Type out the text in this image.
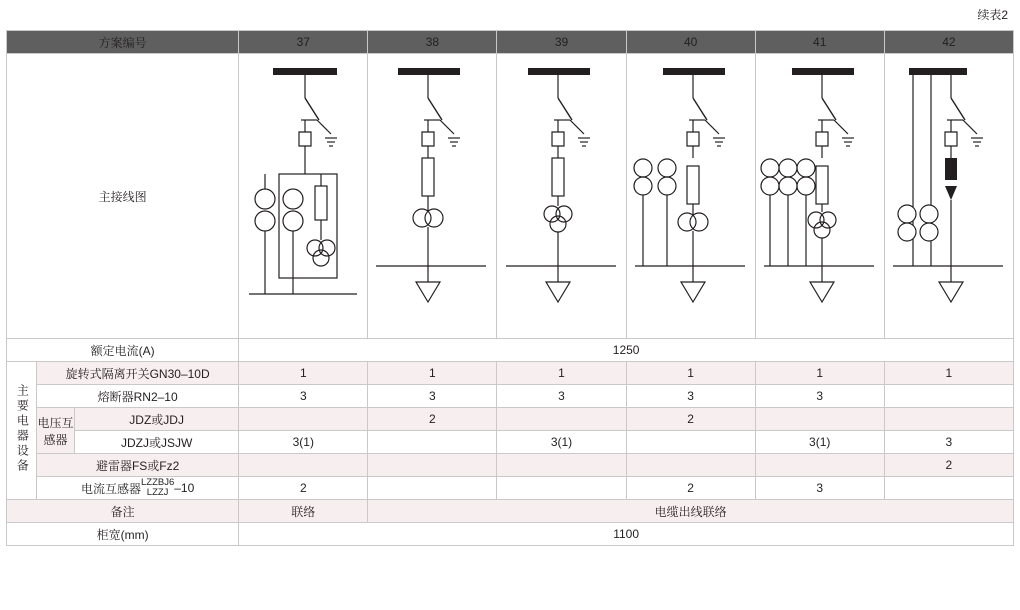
续表2
方案编号			37	38	39	40	41	42
主接线图	

额定电流(A)			1250					
主要电器设备	旋转式隔离开关GN30–10D		1	1	1	1	1	1
	熔断器RN2–10		3	3	3	3	3	
	电压互感器	JDZ或JDJ		2		2		
		JDZJ或JSJW	3(1)		3(1)		3(1)	3
	避雷器FS或Fz2							2
	电流互感器 LZZBJ6
LZZJ –10		2			2	3	
备注			联络	电缆出线联络				
柜宽(mm)			1100					
